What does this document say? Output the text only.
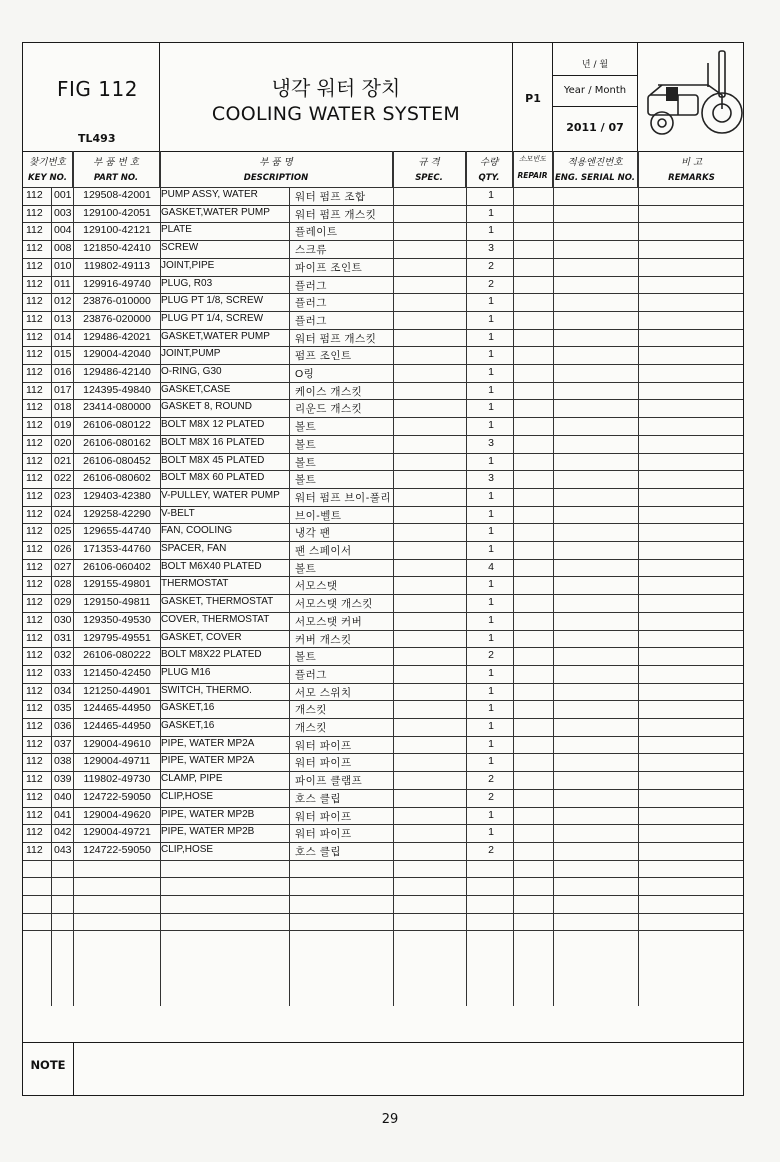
FIG 112
TL493
냉각 워터 장치
COOLING WATER SYSTEM
P1
년 / 월
Year / Month
2011 / 07
찾기번호
KEY NO.
부 품 번 호
PART NO.
부 품 명
DESCRIPTION
규 격
SPEC.
수량
QTY.
소모빈도
REPAIR
적용엔진번호
ENG. SERIAL NO.
비 고
REMARKS
112	001	129508-42001	PUMP ASSY, WATER	워터 펌프 조합	1
112	003	129100-42051	GASKET,WATER PUMP	워터 펌프 개스킷	1
112	004	129100-42121	PLATE	플레이트	1
112	008	121850-42410	SCREW	스크류	3
112	010	119802-49113	JOINT,PIPE	파이프 조인트	2
112	011	129916-49740	PLUG, R03	플러그	2
112	012	23876-010000	PLUG PT 1/8, SCREW	플러그	1
112	013	23876-020000	PLUG PT 1/4, SCREW	플러그	1
112	014	129486-42021	GASKET,WATER PUMP	워터 펌프 개스킷	1
112	015	129004-42040	JOINT,PUMP	펌프 조인트	1
112	016	129486-42140	O-RING, G30	O링	1
112	017	124395-49840	GASKET,CASE	케이스 개스킷	1
112	018	23414-080000	GASKET 8, ROUND	리운드 개스킷	1
112	019	26106-080122	BOLT M8X 12 PLATED	볼트	1
112	020	26106-080162	BOLT M8X 16 PLATED	볼트	3
112	021	26106-080452	BOLT M8X 45 PLATED	볼트	1
112	022	26106-080602	BOLT M8X 60 PLATED	볼트	3
112	023	129403-42380	V-PULLEY, WATER PUMP	워터 펌프 브이-풀리	1
112	024	129258-42290	V-BELT	브이-벨트	1
112	025	129655-44740	FAN, COOLING	냉각 팬	1
112	026	171353-44760	SPACER, FAN	팬 스페이서	1
112	027	26106-060402	BOLT M6X40 PLATED	볼트	4
112	028	129155-49801	THERMOSTAT	서모스탯	1
112	029	129150-49811	GASKET, THERMOSTAT	서모스탯 개스킷	1
112	030	129350-49530	COVER, THERMOSTAT	서모스탯 커버	1
112	031	129795-49551	GASKET, COVER	커버 개스킷	1
112	032	26106-080222	BOLT M8X22 PLATED	볼트	2
112	033	121450-42450	PLUG M16	플러그	1
112	034	121250-44901	SWITCH, THERMO.	서모 스위치	1
112	035	124465-44950	GASKET,16	개스킷	1
112	036	124465-44950	GASKET,16	개스킷	1
112	037	129004-49610	PIPE, WATER MP2A	워터 파이프	1
112	038	129004-49711	PIPE, WATER MP2A	워터 파이프	1
112	039	119802-49730	CLAMP, PIPE	파이프 클램프	2
112	040	124722-59050	CLIP,HOSE	호스 클립	2
112	041	129004-49620	PIPE, WATER MP2B	워터 파이프	1
112	042	129004-49721	PIPE, WATER MP2B	워터 파이프	1
112	043	124722-59050	CLIP,HOSE	호스 클립	2
NOTE
29
